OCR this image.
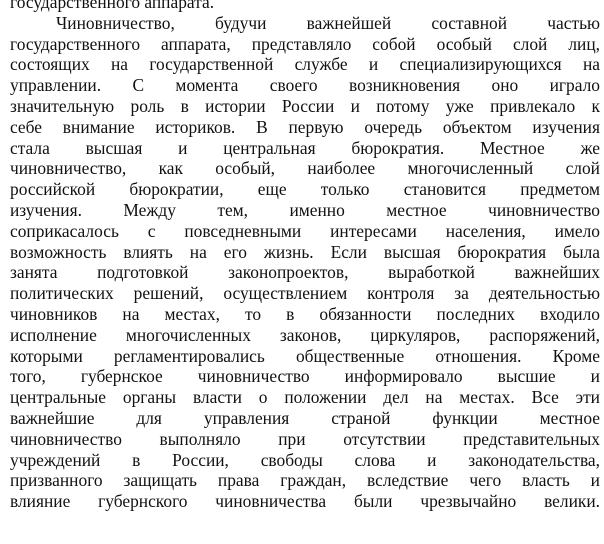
государственного аппарата.
Чиновничество, будучи важнейшей составной частью
государственного аппарата, представляло собой особый слой лиц,
состоящих на государственной службе и специализирующихся на
управлении. С момента своего возникновения оно играло
значительную роль в истории России и потому уже привлекало к
себе внимание историков. В первую очередь объектом изучения
стала высшая и центральная бюрократия. Местное же
чиновничество, как особый, наиболее многочисленный слой
российской бюрократии, еще только становится предметом
изучения. Между тем, именно местное чиновничество
соприкасалось с повседневными интересами населения, имело
возможность влиять на его жизнь. Если высшая бюрократия была
занята подготовкой законопроектов, выработкой важнейших
политических решений, осуществлением контроля за деятельностью
чиновников на местах, то в обязанности последних входило
исполнение многочисленных законов, циркуляров, распоряжений,
которыми регламентировались общественные отношения. Кроме
того, губернское чиновничество информировало высшие и
центральные органы власти о положении дел на местах. Все эти
важнейшие для управления страной функции местное
чиновничество выполняло при отсутствии представительных
учреждений в России, свободы слова и законодательства,
призванного защищать права граждан, вследствие чего власть и
влияние губернского чиновничества были чрезвычайно велики.
